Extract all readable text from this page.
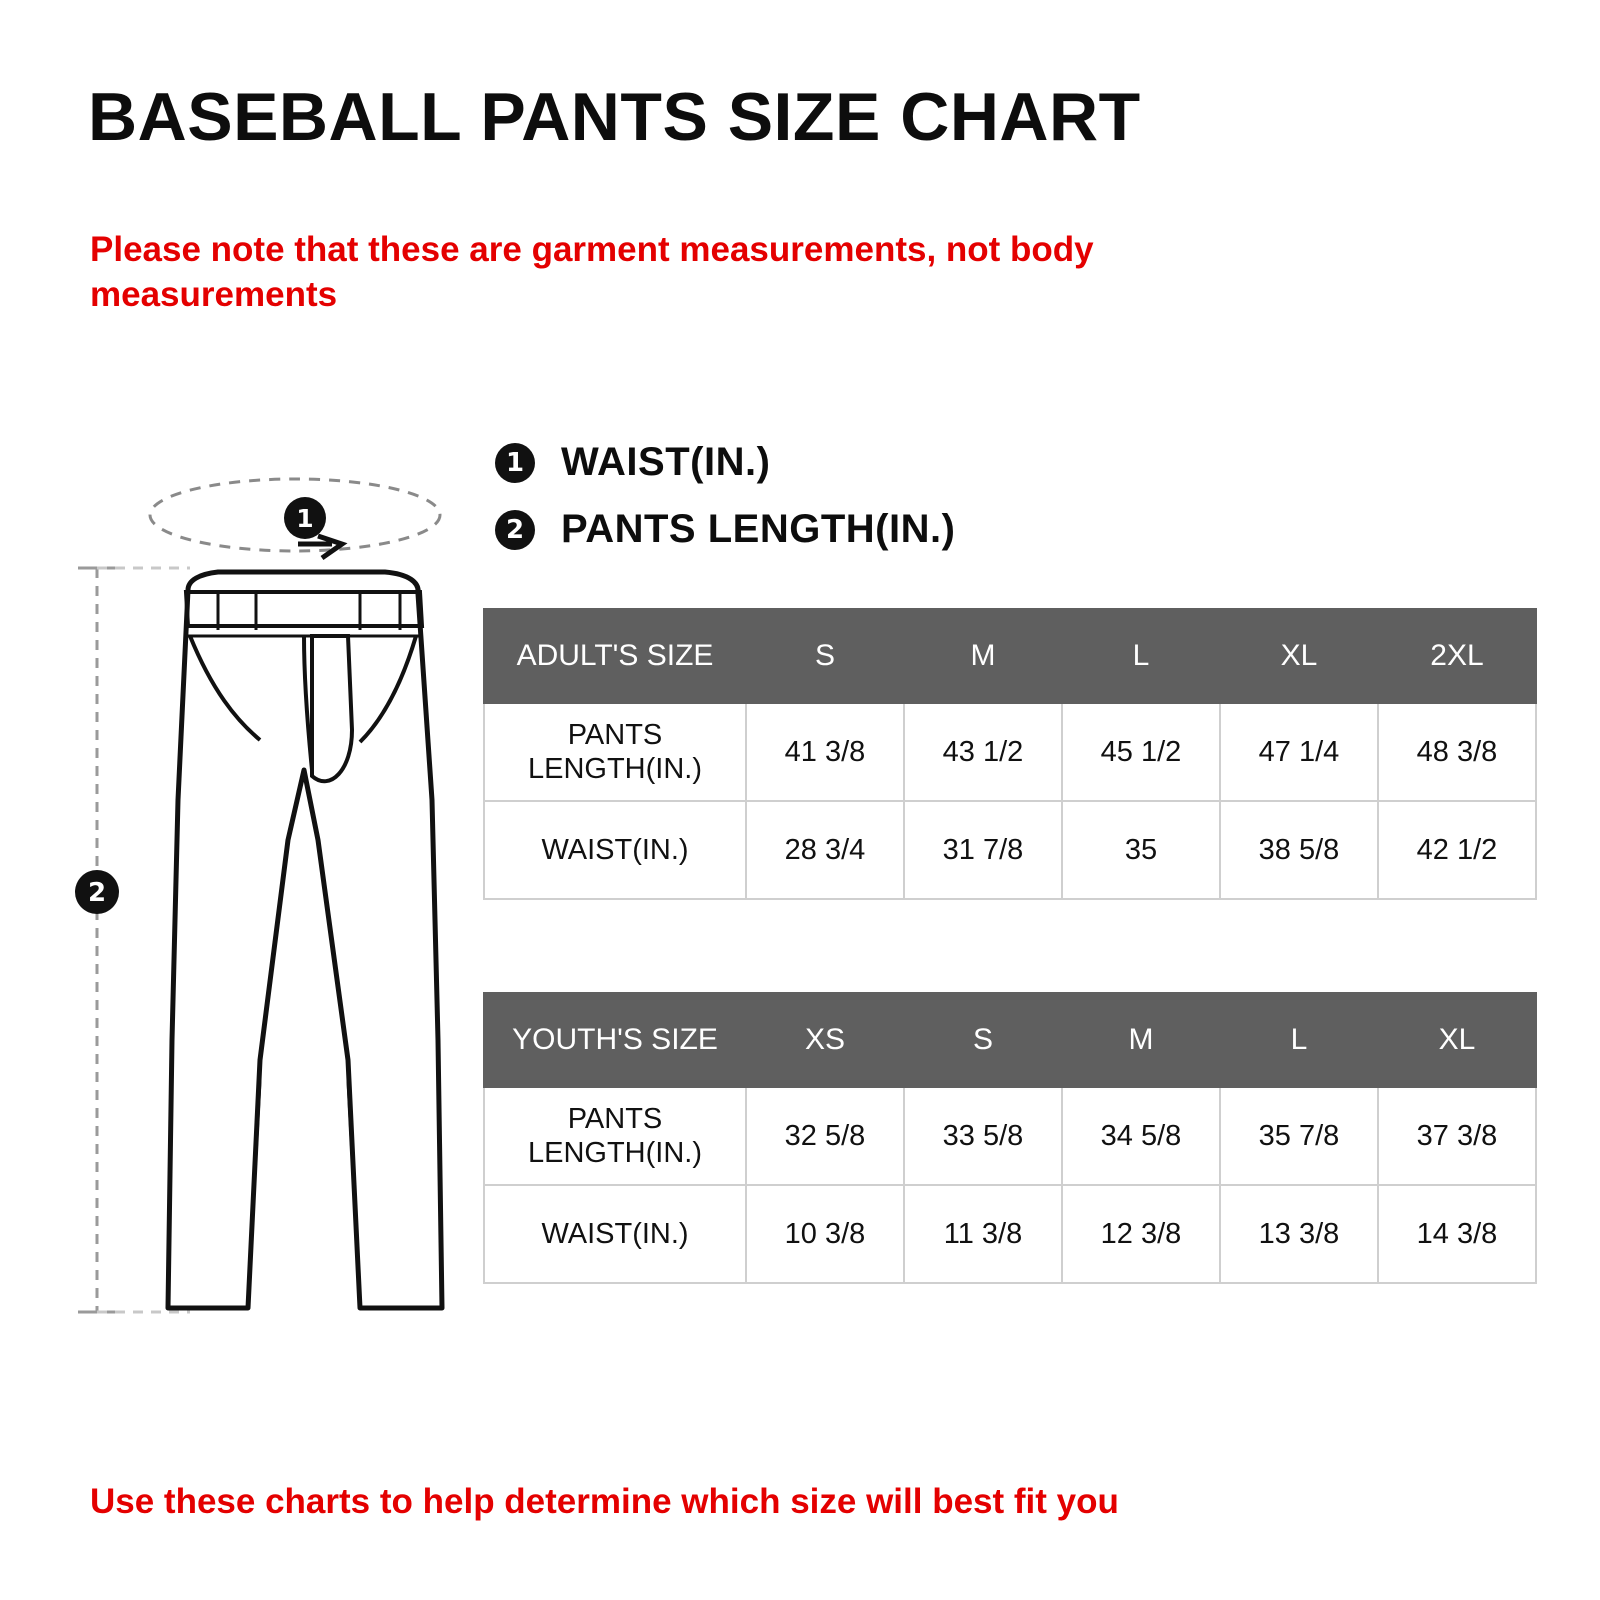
BASEBALL PANTS SIZE CHART
Please note that these are garment measurements, not body measurements
1 WAIST(IN.)
2 PANTS LENGTH(IN.)
1
2
ADULT'S SIZE	S	M	L	XL	2XL
PANTS LENGTH(IN.)	41 3/8	43 1/2	45 1/2	47 1/4	48 3/8
WAIST(IN.)	28 3/4	31 7/8	35	38 5/8	42 1/2
YOUTH'S SIZE	XS	S	M	L	XL
PANTS LENGTH(IN.)	32 5/8	33 5/8	34 5/8	35 7/8	37 3/8
WAIST(IN.)	10 3/8	11 3/8	12 3/8	13 3/8	14 3/8
Use these charts to help determine which size will best fit you
